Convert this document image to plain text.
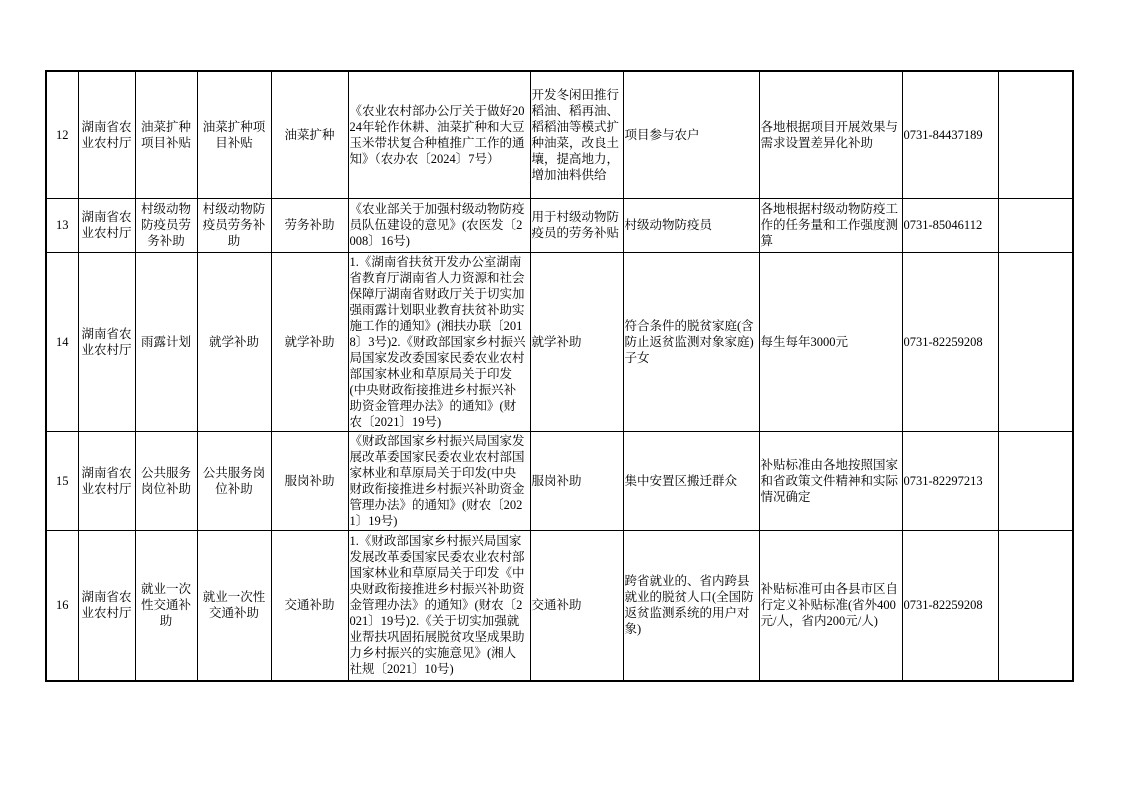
12	湖南省农业农村厅	油菜扩种项目补贴	油菜扩种项目补贴	油菜扩种	《农业农村部办公厅关于做好2024年轮作休耕、油菜扩种和大豆玉米带状复合种植推广工作的通知》（农办农〔2024〕7号）	开发冬闲田推行稻油、稻再油、稻稻油等模式扩种油菜，改良土壤，提高地力，增加油料供给	项目参与农户	各地根据项目开展效果与需求设置差异化补助	0731-84437189	
13	湖南省农业农村厅	村级动物防疫员劳务补助	村级动物防疫员劳务补助	劳务补助	《农业部关于加强村级动物防疫员队伍建设的意见》(农医发〔2008〕16号)	用于村级动物防疫员的劳务补贴	村级动物防疫员	各地根据村级动物防疫工作的任务量和工作强度测算	0731-85046112	
14	湖南省农业农村厅	雨露计划	就学补助	就学补助	1.《湖南省扶贫开发办公室湖南省教育厅湖南省人力资源和社会保障厅湖南省财政厅关于切实加强雨露计划职业教育扶贫补助实施工作的通知》(湘扶办联〔2018〕3号)2.《财政部国家乡村振兴局国家发改委国家民委农业农村部国家林业和草原局关于印发(中央财政衔接推进乡村振兴补助资金管理办法》的通知》(财农〔2021〕19号)	就学补助	符合条件的脱贫家庭(含防止返贫监测对象家庭)子女	每生每年3000元	0731-82259208	
15	湖南省农业农村厅	公共服务岗位补助	公共服务岗位补助	服岗补助	《财政部国家乡村振兴局国家发展改革委国家民委农业农村部国家林业和草原局关于印发(中央财政衔接推进乡村振兴补助资金管理办法》的通知》(财农〔2021〕19号)	服岗补助	集中安置区搬迁群众	补贴标准由各地按照国家和省政策文件精神和实际情况确定	0731-82297213	
16	湖南省农业农村厅	就业一次性交通补助	就业一次性交通补助	交通补助	1.《财政部国家乡村振兴局国家发展改革委国家民委农业农村部国家林业和草原局关于印发《中央财政衔接推进乡村振兴补助资金管理办法》的通知》(财农〔2021〕19号)2.《关于切实加强就业帮扶巩固拓展脱贫攻坚成果助力乡村振兴的实施意见》(湘人社规〔2021〕10号)	交通补助	跨省就业的、省内跨县就业的脱贫人口(全国防返贫监测系统的用户对象)	补贴标准可由各县市区自行定义补贴标准(省外400元/人，省内200元/人)	0731-82259208	
